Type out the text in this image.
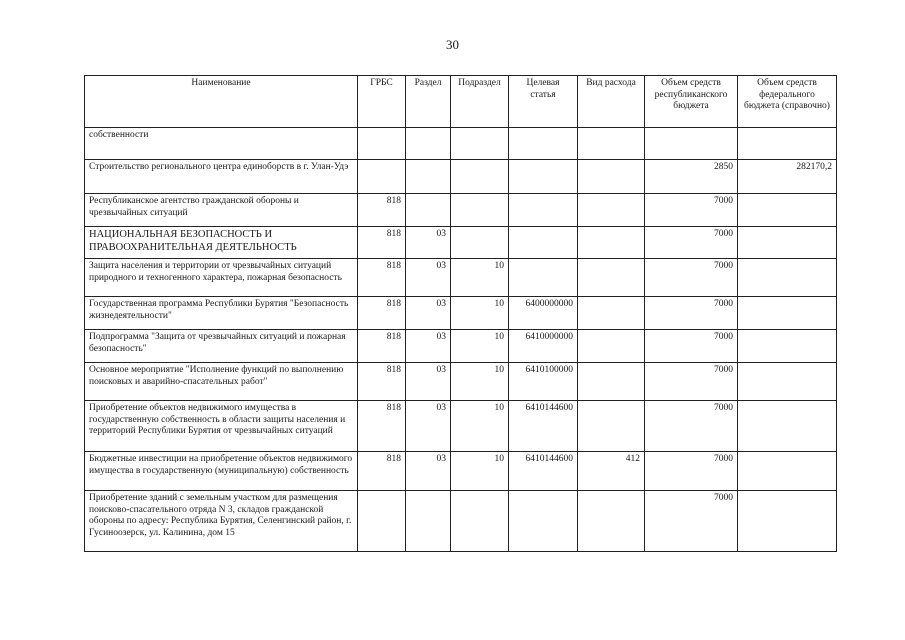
30
Наименование	ГРБС	Раздел	Подраздел	Целевая статья	Вид расхода	Объем средств республиканского бюджета	Объем средств федерального бюджета (справочно)
собственности							
Строительство регионального центра единоборств в г. Улан-Удэ						2850	282170,2
Республиканское агентство гражданской обороны и чрезвычайных ситуаций	818					7000	
НАЦИОНАЛЬНАЯ БЕЗОПАСНОСТЬ И ПРАВООХРАНИТЕЛЬНАЯ ДЕЯТЕЛЬНОСТЬ	818	03				7000	
Защита населения и территории от чрезвычайных ситуаций природного и техногенного характера, пожарная безопасность	818	03	10			7000	
Государственная программа Республики Бурятия "Безопасность жизнедеятельности"	818	03	10	6400000000		7000	
Подпрограмма "Защита от чрезвычайных ситуаций и пожарная безопасность"	818	03	10	6410000000		7000	
Основное мероприятие "Исполнение функций по выполнению поисковых и аварийно-спасательных работ"	818	03	10	6410100000		7000	
Приобретение объектов недвижимого имущества в государственную собственность в области защиты населения и территорий Республики Бурятия от чрезвычайных ситуаций	818	03	10	6410144600		7000	
Бюджетные инвестиции на приобретение объектов недвижимого имущества в государственную (муниципальную) собственность	818	03	10	6410144600	412	7000	
Приобретение зданий с земельным участком для размещения поисково-спасательного отряда N 3, складов гражданской обороны по адресу: Республика Бурятия, Селенгинский район, г. Гусиноозерск, ул. Калинина, дом 15						7000	
